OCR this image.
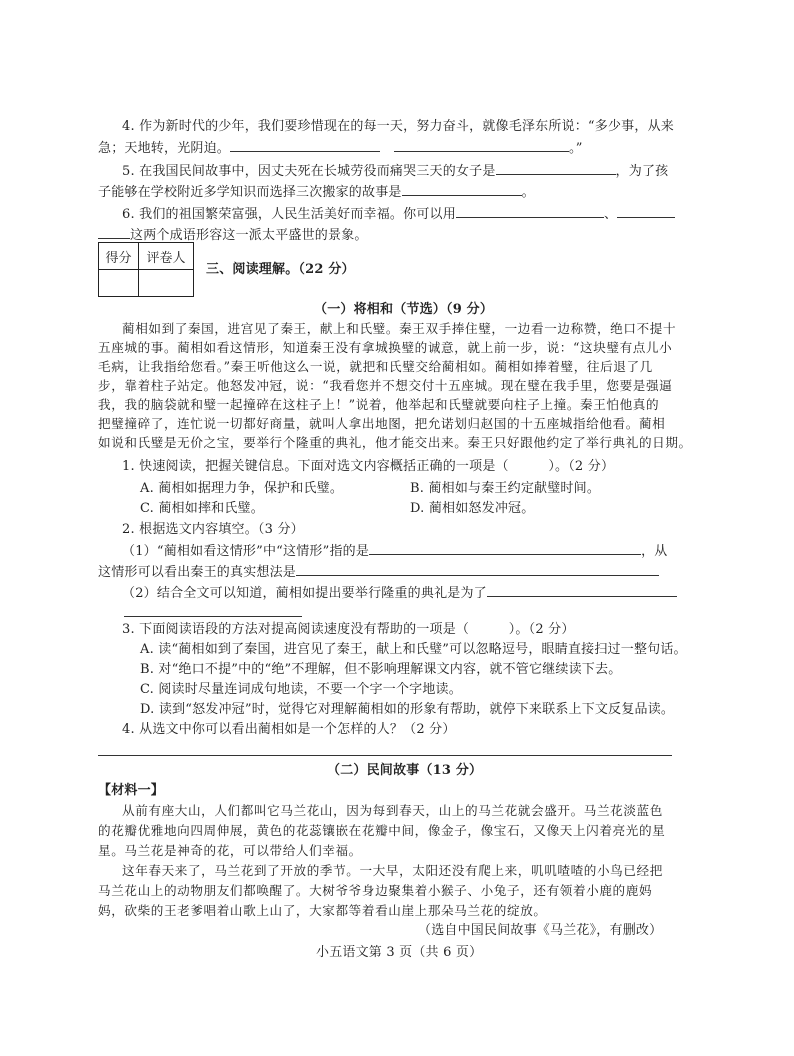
4. 作为新时代的少年，我们要珍惜现在的每一天，努力奋斗，就像毛泽东所说：“多少事，从来
急；天地转，光阴迫。	。”
5. 在我国民间故事中，因丈夫死在长城劳役而痛哭三天的女子是	，为了孩
子能够在学校附近多学知识而选择三次搬家的故事是	。
6. 我们的祖国繁荣富强，人民生活美好而幸福。你可以用	、
这两个成语形容这一派太平盛世的景象。
得分	评卷人

三、阅读理解。（22 分）
（一）将相和（节选）（9 分）
蔺相如到了秦国，进宫见了秦王，献上和氏璧。秦王双手捧住璧，一边看一边称赞，绝口不提十
五座城的事。蔺相如看这情形，知道秦王没有拿城换璧的诚意，就上前一步，说：“这块璧有点儿小
毛病，让我指给您看。”秦王听他这么一说，就把和氏璧交给蔺相如。蔺相如捧着璧，往后退了几
步，靠着柱子站定。他怒发冲冠，说：“我看您并不想交付十五座城。现在璧在我手里，您要是强逼
我，我的脑袋就和璧一起撞碎在这柱子上！”说着，他举起和氏璧就要向柱子上撞。秦王怕他真的
把璧撞碎了，连忙说一切都好商量，就叫人拿出地图，把允诺划归赵国的十五座城指给他看。蔺相
如说和氏璧是无价之宝，要举行个隆重的典礼，他才能交出来。秦王只好跟他约定了举行典礼的日期。
1. 快速阅读，把握关键信息。下面对选文内容概括正确的一项是（　　　）。（2 分）
A. 蔺相如据理力争，保护和氏璧。	B. 蔺相如与秦王约定献璧时间。
C. 蔺相如摔和氏璧。	D. 蔺相如怒发冲冠。
2. 根据选文内容填空。（3 分）
（1）“蔺相如看这情形”中“这情形”指的是	，从
这情形可以看出秦王的真实想法是
（2）结合全文可以知道，蔺相如提出要举行隆重的典礼是为了
3. 下面阅读语段的方法对提高阅读速度没有帮助的一项是（　　　）。（2 分）
A. 读“蔺相如到了秦国，进宫见了秦王，献上和氏璧”可以忽略逗号，眼睛直接扫过一整句话。
B. 对“绝口不提”中的“绝”不理解，但不影响理解课文内容，就不管它继续读下去。
C. 阅读时尽量连词成句地读，不要一个字一个字地读。
D. 读到“怒发冲冠”时，觉得它对理解蔺相如的形象有帮助，就停下来联系上下文反复品读。
4. 从选文中你可以看出蔺相如是一个怎样的人？（2 分）
（二）民间故事（13 分）
【材料一】
从前有座大山，人们都叫它马兰花山，因为每到春天，山上的马兰花就会盛开。马兰花淡蓝色
的花瓣优雅地向四周伸展，黄色的花蕊镶嵌在花瓣中间，像金子，像宝石，又像天上闪着亮光的星
星。马兰花是神奇的花，可以带给人们幸福。
这年春天来了，马兰花到了开放的季节。一大早，太阳还没有爬上来，叽叽喳喳的小鸟已经把
马兰花山上的动物朋友们都唤醒了。大树爷爷身边聚集着小猴子、小兔子，还有领着小鹿的鹿妈
妈，砍柴的王老爹唱着山歌上山了，大家都等着看山崖上那朵马兰花的绽放。
（选自中国民间故事《马兰花》，有删改）
小五语文第 3 页（共 6 页）
